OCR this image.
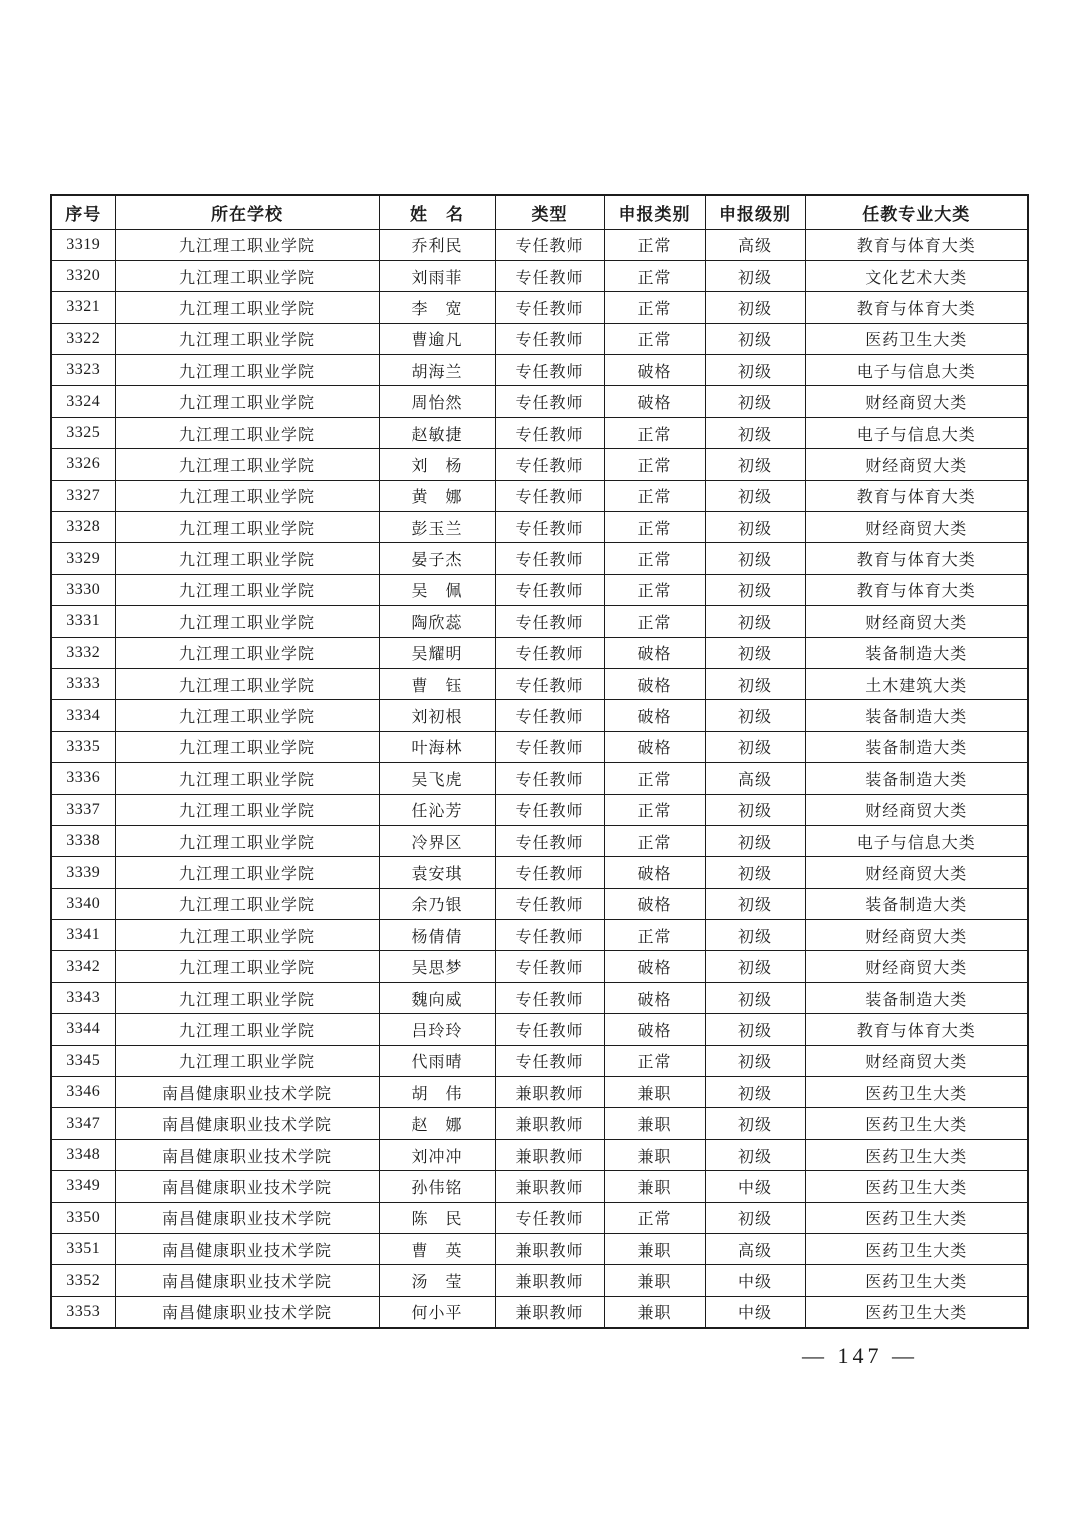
序号	所在学校	姓　名	类型	申报类别	申报级别	任教专业大类
3319	九江理工职业学院	乔利民	专任教师	正常	高级	教育与体育大类
3320	九江理工职业学院	刘雨菲	专任教师	正常	初级	文化艺术大类
3321	九江理工职业学院	李　宽	专任教师	正常	初级	教育与体育大类
3322	九江理工职业学院	曹逾凡	专任教师	正常	初级	医药卫生大类
3323	九江理工职业学院	胡海兰	专任教师	破格	初级	电子与信息大类
3324	九江理工职业学院	周怡然	专任教师	破格	初级	财经商贸大类
3325	九江理工职业学院	赵敏捷	专任教师	正常	初级	电子与信息大类
3326	九江理工职业学院	刘　杨	专任教师	正常	初级	财经商贸大类
3327	九江理工职业学院	黄　娜	专任教师	正常	初级	教育与体育大类
3328	九江理工职业学院	彭玉兰	专任教师	正常	初级	财经商贸大类
3329	九江理工职业学院	晏子杰	专任教师	正常	初级	教育与体育大类
3330	九江理工职业学院	吴　佩	专任教师	正常	初级	教育与体育大类
3331	九江理工职业学院	陶欣蕊	专任教师	正常	初级	财经商贸大类
3332	九江理工职业学院	吴耀明	专任教师	破格	初级	装备制造大类
3333	九江理工职业学院	曹　钰	专任教师	破格	初级	土木建筑大类
3334	九江理工职业学院	刘初根	专任教师	破格	初级	装备制造大类
3335	九江理工职业学院	叶海林	专任教师	破格	初级	装备制造大类
3336	九江理工职业学院	吴飞虎	专任教师	正常	高级	装备制造大类
3337	九江理工职业学院	任沁芳	专任教师	正常	初级	财经商贸大类
3338	九江理工职业学院	冷界区	专任教师	正常	初级	电子与信息大类
3339	九江理工职业学院	袁安琪	专任教师	破格	初级	财经商贸大类
3340	九江理工职业学院	余乃银	专任教师	破格	初级	装备制造大类
3341	九江理工职业学院	杨倩倩	专任教师	正常	初级	财经商贸大类
3342	九江理工职业学院	吴思梦	专任教师	破格	初级	财经商贸大类
3343	九江理工职业学院	魏向威	专任教师	破格	初级	装备制造大类
3344	九江理工职业学院	吕玲玲	专任教师	破格	初级	教育与体育大类
3345	九江理工职业学院	代雨晴	专任教师	正常	初级	财经商贸大类
3346	南昌健康职业技术学院	胡　伟	兼职教师	兼职	初级	医药卫生大类
3347	南昌健康职业技术学院	赵　娜	兼职教师	兼职	初级	医药卫生大类
3348	南昌健康职业技术学院	刘冲冲	兼职教师	兼职	初级	医药卫生大类
3349	南昌健康职业技术学院	孙伟铭	兼职教师	兼职	中级	医药卫生大类
3350	南昌健康职业技术学院	陈　民	专任教师	正常	初级	医药卫生大类
3351	南昌健康职业技术学院	曹　英	兼职教师	兼职	高级	医药卫生大类
3352	南昌健康职业技术学院	汤　莹	兼职教师	兼职	中级	医药卫生大类
3353	南昌健康职业技术学院	何小平	兼职教师	兼职	中级	医药卫生大类
— 147 —
